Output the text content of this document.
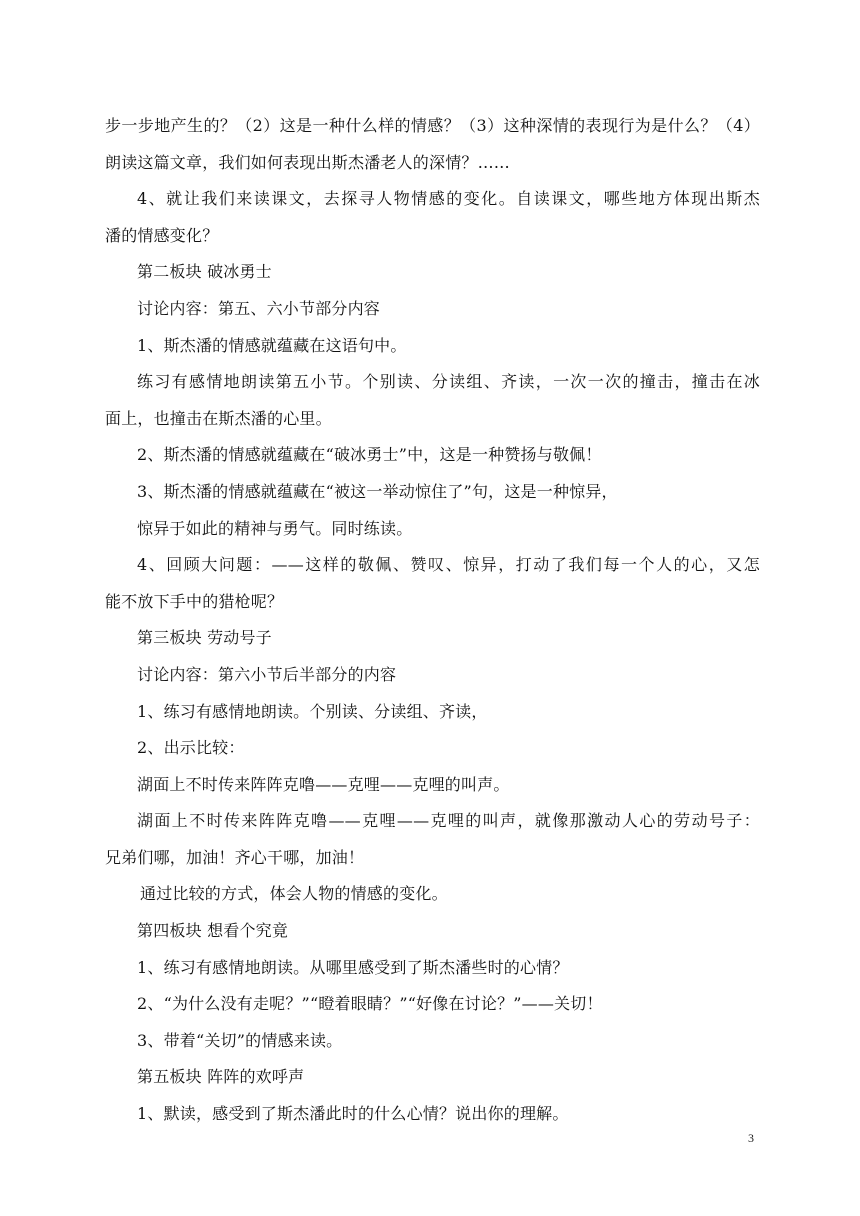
步一步地产生的？（2）这是一种什么样的情感？（3）这种深情的表现行为是什么？（4）
朗读这篇文章，我们如何表现出斯杰潘老人的深情？……
4、就让我们来读课文，去探寻人物情感的变化。自读课文，哪些地方体现出斯杰
潘的情感变化？
第二板块 破冰勇士
讨论内容：第五、六小节部分内容
1、斯杰潘的情感就蕴藏在这语句中。
练习有感情地朗读第五小节。个别读、分读组、齐读，一次一次的撞击，撞击在冰
面上，也撞击在斯杰潘的心里。
2、斯杰潘的情感就蕴藏在“破冰勇士”中，这是一种赞扬与敬佩！
3、斯杰潘的情感就蕴藏在“被这一举动惊住了”句，这是一种惊异，
惊异于如此的精神与勇气。同时练读。
4、回顾大问题：——这样的敬佩、赞叹、惊异，打动了我们每一个人的心，又怎
能不放下手中的猎枪呢？
第三板块 劳动号子
讨论内容：第六小节后半部分的内容
1、练习有感情地朗读。个别读、分读组、齐读，
2、出示比较：
湖面上不时传来阵阵克噜——克哩——克哩的叫声。
湖面上不时传来阵阵克噜——克哩——克哩的叫声，就像那激动人心的劳动号子：
兄弟们哪，加油！齐心干哪，加油！
通过比较的方式，体会人物的情感的变化。
第四板块 想看个究竟
1、练习有感情地朗读。从哪里感受到了斯杰潘些时的心情？
2、“为什么没有走呢？”“瞪着眼睛？”“好像在讨论？”——关切！
3、带着“关切”的情感来读。
第五板块 阵阵的欢呼声
1、默读，感受到了斯杰潘此时的什么心情？说出你的理解。
3
